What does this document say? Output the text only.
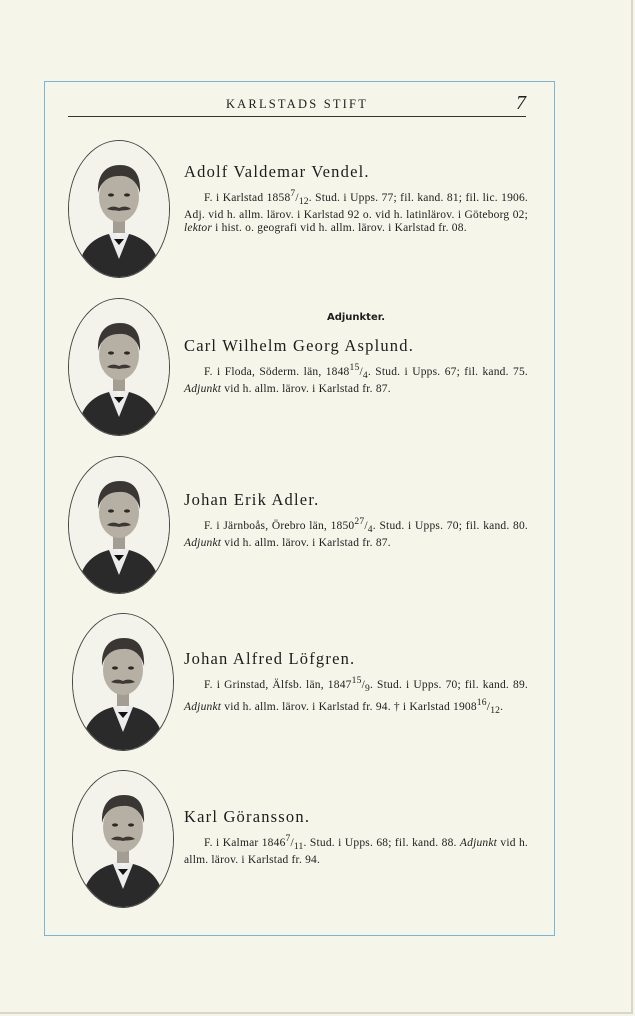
KARLSTADS STIFT	7

Adolf Valdemar Vendel.

F. i Karlstad $1858^7/_{12}$. Stud. i Upps. 77; fil. kand. 81; fil. lic. 1906. Adj. vid h. allm. lärov. i Karlstad 92 o. vid h. latinlärov. i Göteborg 02; lektor i hist. o. geografi vid h. allm. lärov. i Karlstad fr. 08.

Adjunkter.

Carl Wilhelm Georg Asplund.

F. i Floda, Söderm. län, $1848^{15}/_4$. Stud. i Upps. 67; fil. kand. 75. Adjunkt vid h. allm. lärov. i Karlstad fr. 87.

Johan Erik Adler.

F. i Järnboås, Örebro län, $1850^{27}/_4$. Stud. i Upps. 70; fil. kand. 80. Adjunkt vid h. allm. lärov. i Karlstad fr. 87.

Johan Alfred Löfgren.

F. i Grinstad, Älfsb. län, $1847^{15}/_9$. Stud. i Upps. 70; fil. kand. 89. Adjunkt vid h. allm. lärov. i Karlstad fr. 94. † i Karlstad $1908^{16}/_{12}$.

Karl Göransson.

F. i Kalmar $1846^7/_{11}$. Stud. i Upps. 68; fil. kand. 88. Adjunkt vid h. allm. lärov. i Karlstad fr. 94.
